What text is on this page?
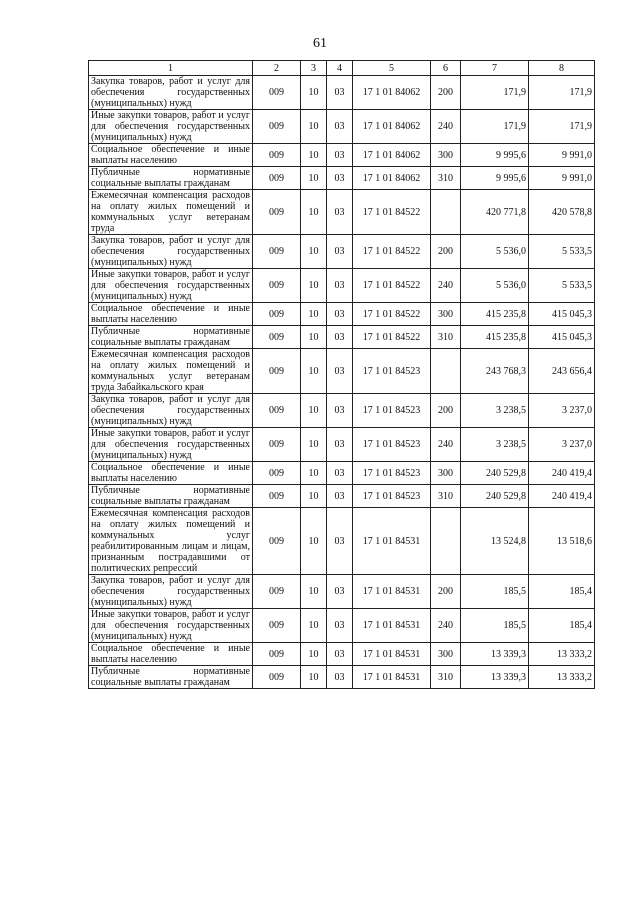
61
1	2	3	4	5	6	7	8
Закупка товаров, работ и услуг для обеспечения государственных (муниципальных) нужд	009	10	03	17 1 01 84062	200	171,9	171,9
Иные закупки товаров, работ и услуг для обеспечения государственных (муниципальных) нужд	009	10	03	17 1 01 84062	240	171,9	171,9
Социальное обеспечение и иные выплаты населению	009	10	03	17 1 01 84062	300	9 995,6	9 991,0
Публичные нормативные социальные выплаты гражданам	009	10	03	17 1 01 84062	310	9 995,6	9 991,0
Ежемесячная компенсация расходов на оплату жилых помещений и коммунальных услуг ветеранам труда	009	10	03	17 1 01 84522		420 771,8	420 578,8
Закупка товаров, работ и услуг для обеспечения государственных (муниципальных) нужд	009	10	03	17 1 01 84522	200	5 536,0	5 533,5
Иные закупки товаров, работ и услуг для обеспечения государственных (муниципальных) нужд	009	10	03	17 1 01 84522	240	5 536,0	5 533,5
Социальное обеспечение и иные выплаты населению	009	10	03	17 1 01 84522	300	415 235,8	415 045,3
Публичные нормативные социальные выплаты гражданам	009	10	03	17 1 01 84522	310	415 235,8	415 045,3
Ежемесячная компенсация расходов на оплату жилых помещений и коммунальных услуг ветеранам труда Забайкальского края	009	10	03	17 1 01 84523		243 768,3	243 656,4
Закупка товаров, работ и услуг для обеспечения государственных (муниципальных) нужд	009	10	03	17 1 01 84523	200	3 238,5	3 237,0
Иные закупки товаров, работ и услуг для обеспечения государственных (муниципальных) нужд	009	10	03	17 1 01 84523	240	3 238,5	3 237,0
Социальное обеспечение и иные выплаты населению	009	10	03	17 1 01 84523	300	240 529,8	240 419,4
Публичные нормативные социальные выплаты гражданам	009	10	03	17 1 01 84523	310	240 529,8	240 419,4
Ежемесячная компенсация расходов на оплату жилых помещений и коммунальных услуг реабилитированным лицам и лицам, признанным пострадавшими от политических репрессий	009	10	03	17 1 01 84531		13 524,8	13 518,6
Закупка товаров, работ и услуг для обеспечения государственных (муниципальных) нужд	009	10	03	17 1 01 84531	200	185,5	185,4
Иные закупки товаров, работ и услуг для обеспечения государственных (муниципальных) нужд	009	10	03	17 1 01 84531	240	185,5	185,4
Социальное обеспечение и иные выплаты населению	009	10	03	17 1 01 84531	300	13 339,3	13 333,2
Публичные нормативные социальные выплаты гражданам	009	10	03	17 1 01 84531	310	13 339,3	13 333,2
